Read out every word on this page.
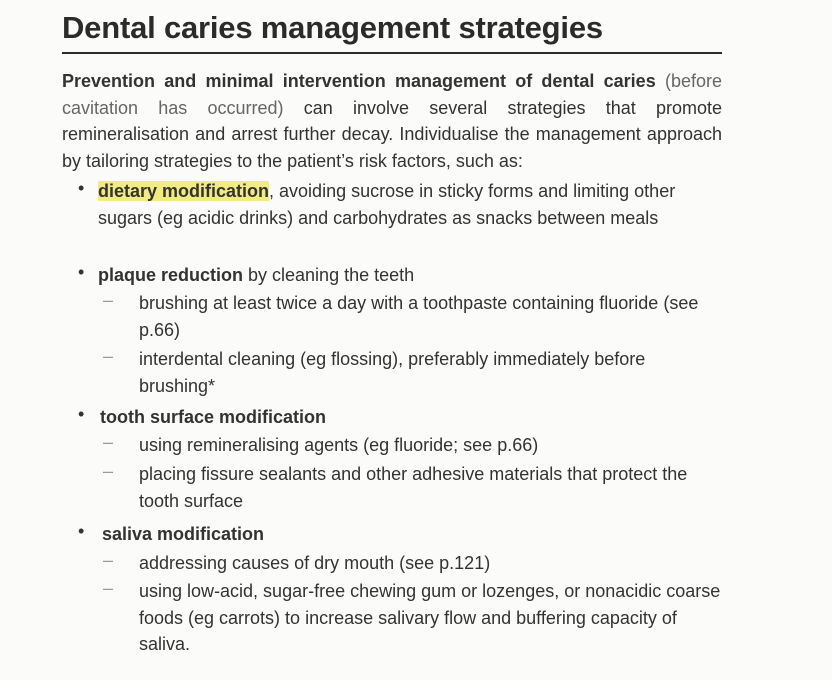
Dental caries management strategies
Prevention and minimal intervention management of dental caries (before cavitation has occurred) can involve several strategies that promote remineralisation and arrest further decay. Individualise the management approach by tailoring strategies to the patient’s risk factors, such as:
• dietary modification, avoiding sucrose in sticky forms and limiting other sugars (eg acidic drinks) and carbohydrates as snacks between meals
• plaque reduction by cleaning the teeth
– brushing at least twice a day with a toothpaste containing fluoride (see p.66)
– interdental cleaning (eg flossing), preferably immediately before brushing*
• tooth surface modification
– using remineralising agents (eg fluoride; see p.66)
– placing fissure sealants and other adhesive materials that protect the tooth surface
• saliva modification
– addressing causes of dry mouth (see p.121)
– using low-acid, sugar-free chewing gum or lozenges, or nonacidic coarse foods (eg carrots) to increase salivary flow and buffering capacity of saliva.
